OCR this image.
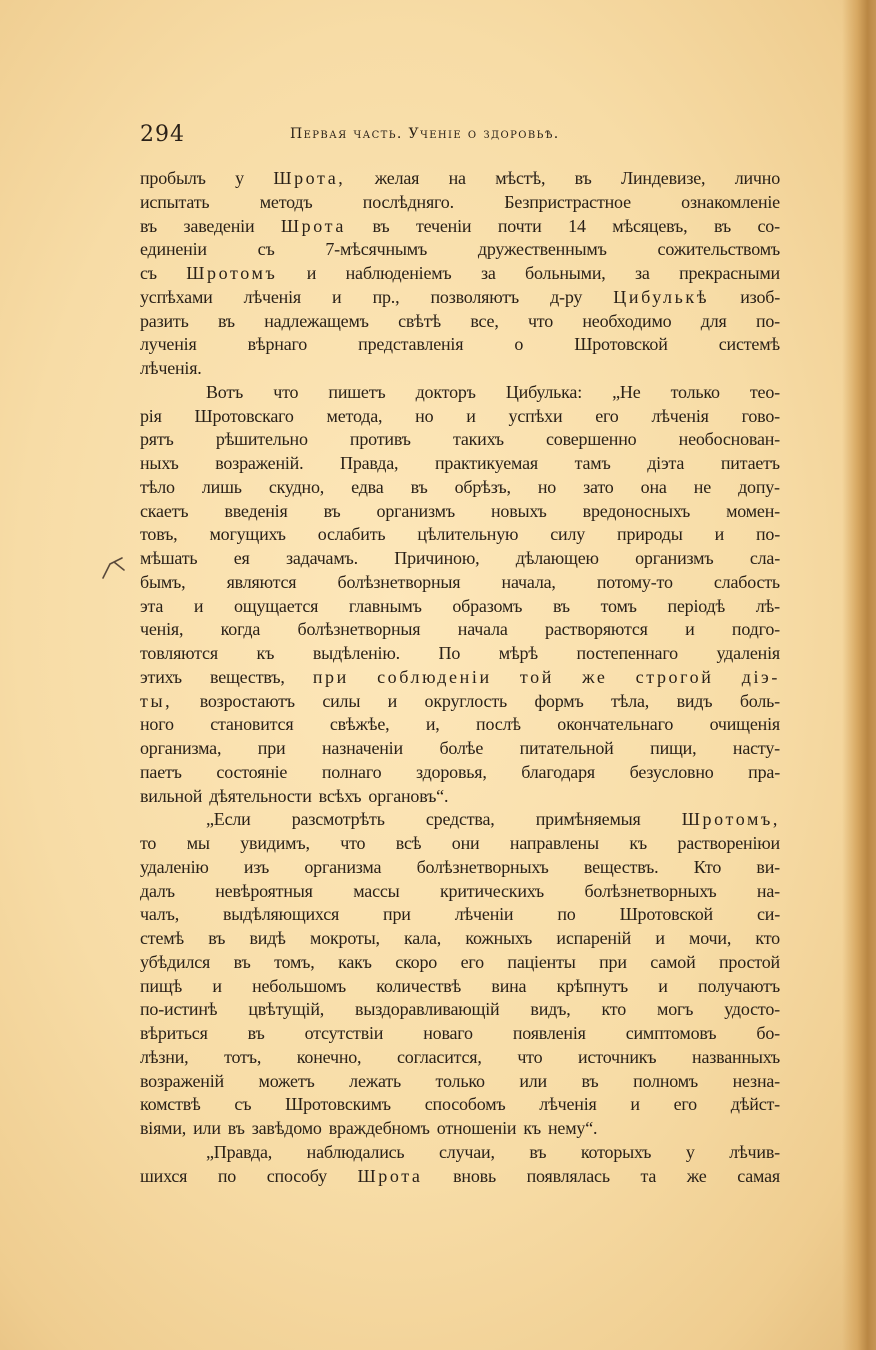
294	Первая часть. Ученіе о здоровьѣ.
пробылъ у Шрота, желая на мѣстѣ, въ Линдевизе, лично
испытать	методъ	послѣдняго.	Безпристрастное	ознакомленіе
въ заведеніи Шрота въ теченіи почти 14 мѣсяцевъ, въ со-
единеніи	съ	7-мѣсячнымъ	дружественнымъ	сожительствомъ
съ Шротомъ и наблюденіемъ за больными, за прекрасными
успѣхами лѣченія и пр., позволяютъ д-ру Цибулькѣ изоб-
разить въ надлежащемъ свѣтѣ все, что необходимо для по-
лученія	вѣрнаго	представленія	о	Шротовской	системѣ
лѣченія.
Вотъ что пишетъ докторъ Цибулька: „Не только тео-
рія Шротовскаго метода, но и успѣхи его лѣченія гово-
рятъ рѣшительно противъ такихъ совершенно необоснован-
ныхъ возраженій. Правда, практикуемая тамъ діэта питаетъ
тѣло лишь скудно, едва въ обрѣзъ, но зато она не допу-
скаетъ введенія въ организмъ новыхъ вредоносныхъ момен-
товъ, могущихъ ослабить цѣлительную силу природы и по-
мѣшать ея задачамъ. Причиною, дѣлающею организмъ сла-
бымъ, являются болѣзнетворныя начала, потому-то слабость
эта и ощущается главнымъ образомъ въ томъ періодѣ лѣ-
ченія, когда болѣзнетворныя начала растворяются и подго-
товляются къ выдѣленію. По мѣрѣ постепеннаго удаленія
этихъ веществъ, при соблюденіи той же строгой діэ-
ты, возростаютъ силы и округлость формъ тѣла, видъ боль-
ного становится свѣжѣе, и, послѣ окончательнаго очищенія
организма, при назначеніи болѣе питательной пищи, насту-
паетъ состояніе полнаго здоровья, благодаря безусловно пра-
вильной дѣятельности всѣхъ органовъ“.
„Если разсмотрѣть средства, примѣняемыя Шротомъ,
то мы увидимъ, что всѣ они направлены къ раствореніюи
удаленію изъ организма болѣзнетворныхъ веществъ. Кто ви-
далъ невѣроятныя массы критическихъ болѣзнетворныхъ на-
чалъ, выдѣляющихся при лѣченіи по Шротовской си-
стемѣ въ видѣ мокроты, кала, кожныхъ испареній и мочи, кто
убѣдился въ томъ, какъ скоро его паціенты при самой простой
пищѣ и небольшомъ количествѣ вина крѣпнутъ и получаютъ
по-истинѣ цвѣтущій, выздоравливающій видъ, кто могъ удосто-
вѣриться въ отсутствіи новаго появленія симптомовъ бо-
лѣзни, тотъ, конечно, согласится, что источникъ названныхъ
возраженій можетъ лежать только или въ полномъ незна-
комствѣ съ Шротовскимъ способомъ лѣченія и его дѣйст-
віями, или въ завѣдомо враждебномъ отношеніи къ нему“.
„Правда, наблюдались случаи, въ которыхъ у лѣчив-
шихся по способу Шрота вновь появлялась та же самая
